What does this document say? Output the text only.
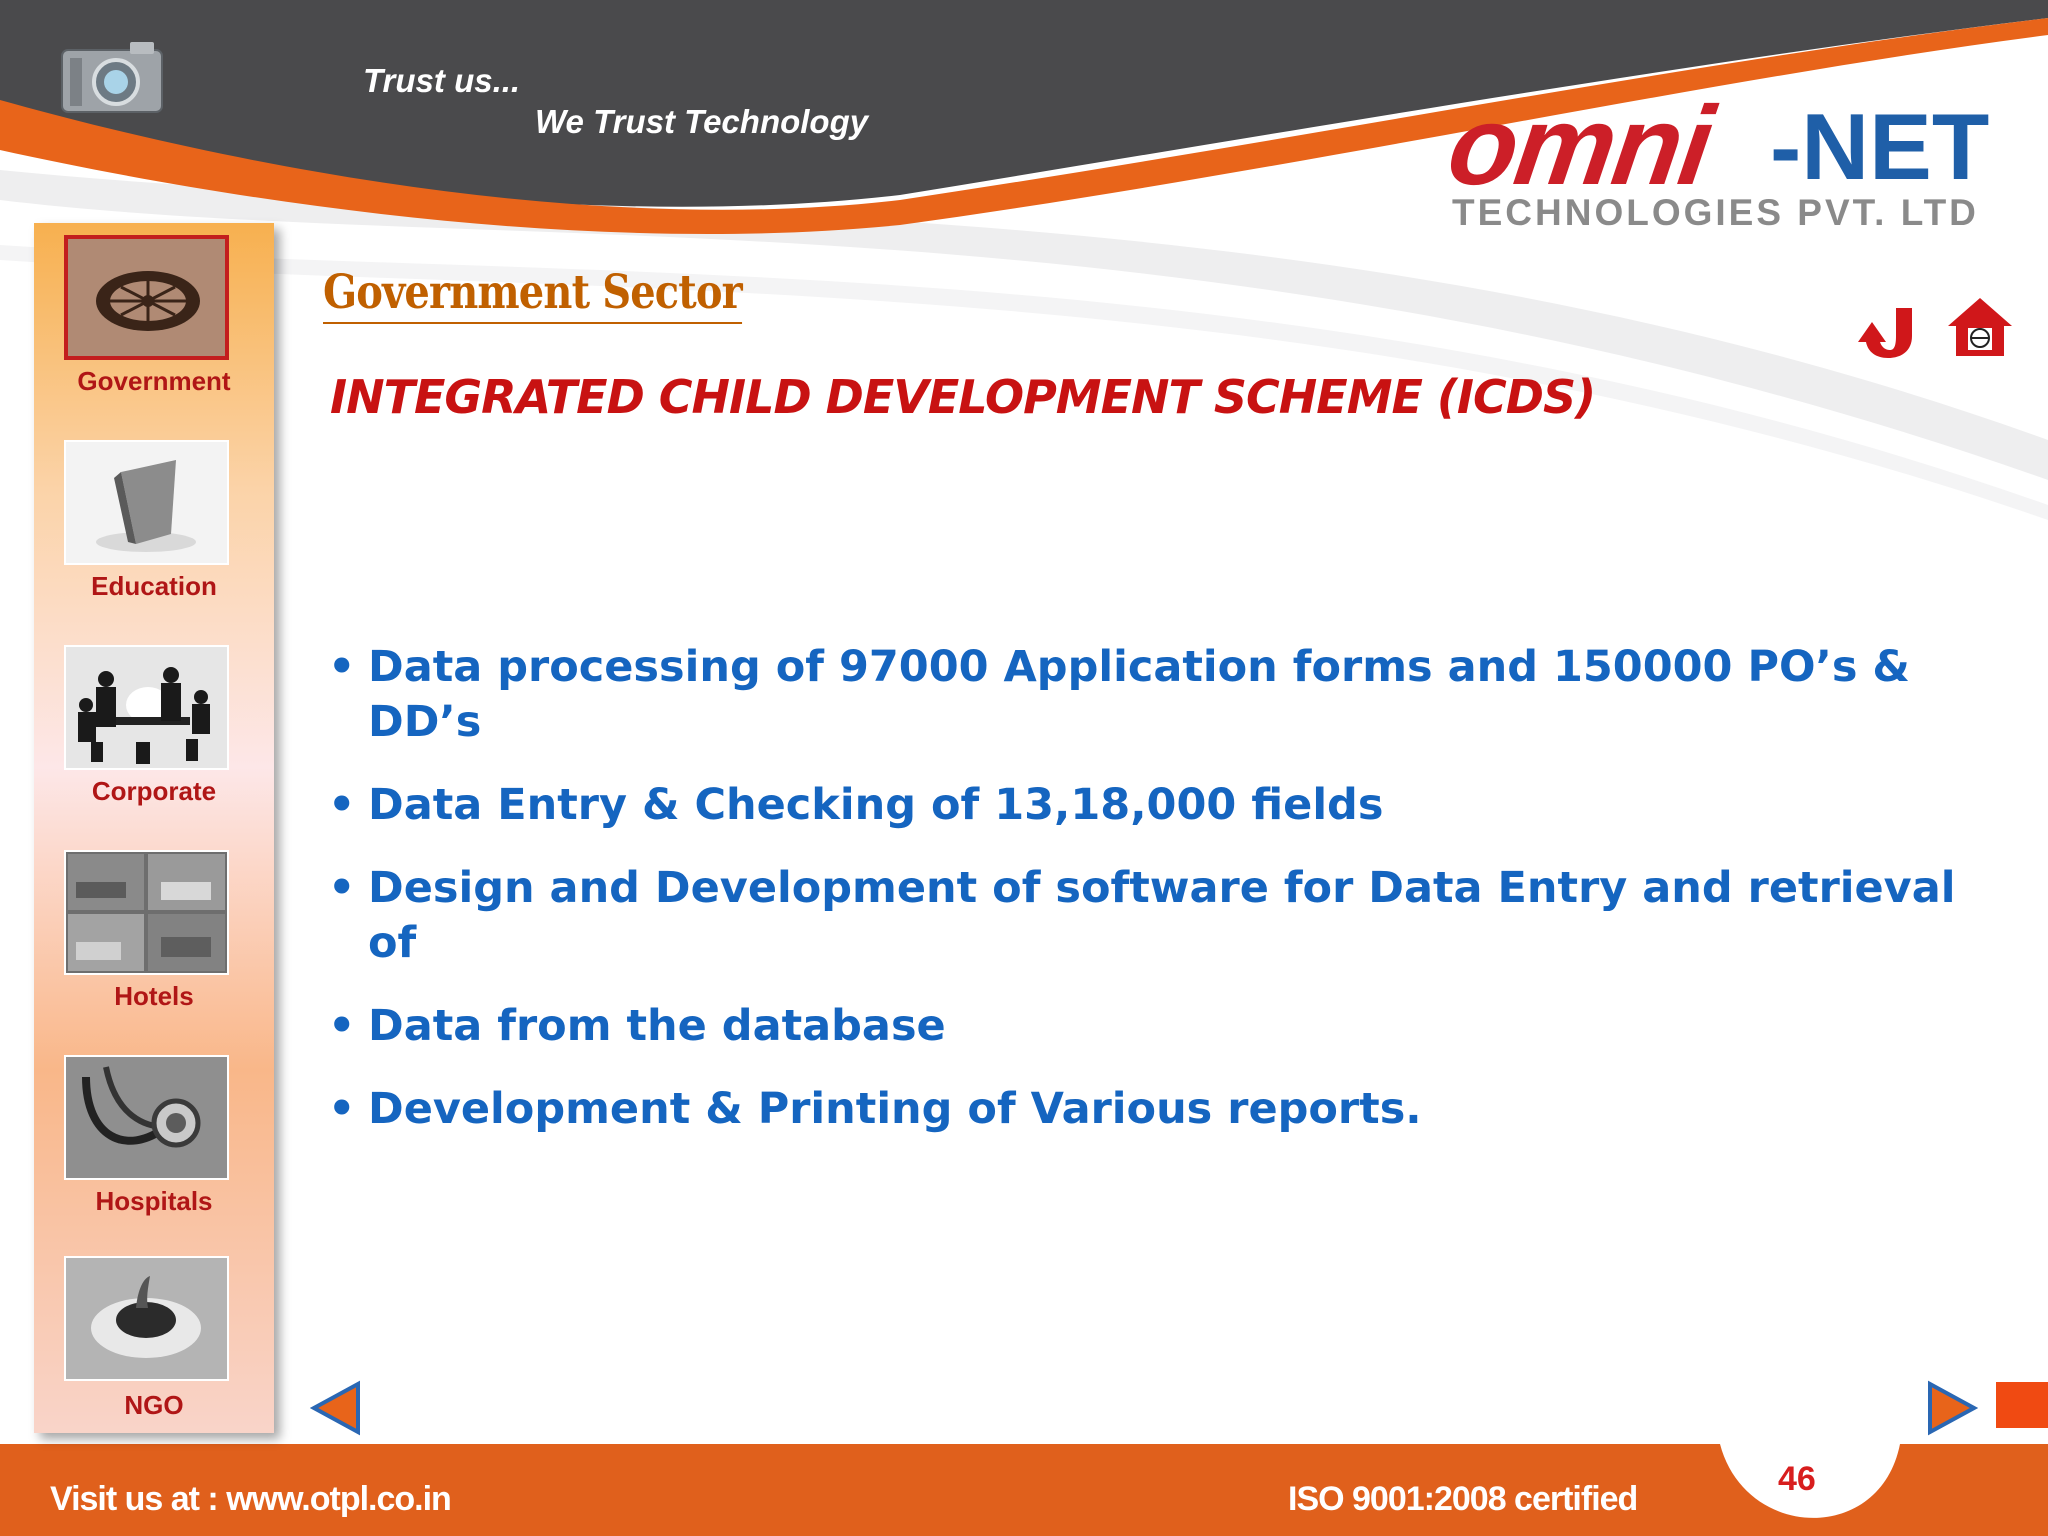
Trust us...
We Trust Technology	omni -NET
TECHNOLOGIES PVT. LTD
Government
Education
Corporate
Hotels
Hospitals
NGO
Government Sector
INTEGRATED CHILD DEVELOPMENT SCHEME (ICDS)
• Data processing of 97000 Application forms and 150000 PO’s & DD’s
• Data Entry & Checking of 13,18,000 fields
• Design and Development of software for Data Entry and retrieval of
• Data from the database
• Development & Printing of Various reports.
Visit us at : www.otpl.co.in	ISO 9001:2008 certified
46
